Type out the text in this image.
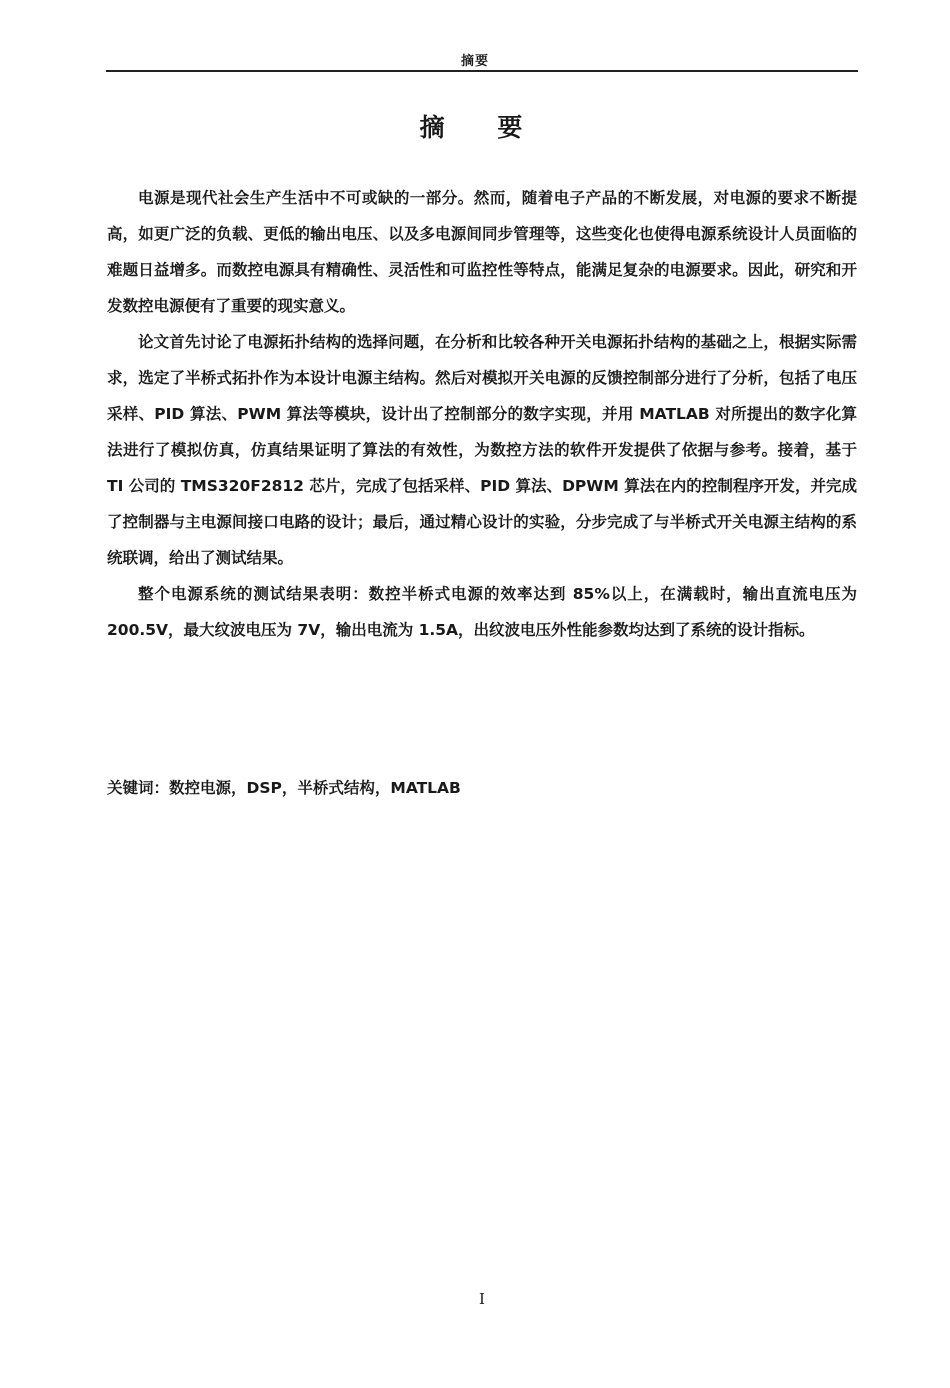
摘要
摘 要

电源是现代社会生产生活中不可或缺的一部分。然而，随着电子产品的不断发展，对电源的要求不断提高，如更广泛的负载、更低的输出电压、以及多电源间同步管理等，这些变化也使得电源系统设计人员面临的难题日益增多。而数控电源具有精确性、灵活性和可监控性等特点，能满足复杂的电源要求。因此，研究和开发数控电源便有了重要的现实意义。

论文首先讨论了电源拓扑结构的选择问题，在分析和比较各种开关电源拓扑结构的基础之上，根据实际需求，选定了半桥式拓扑作为本设计电源主结构。然后对模拟开关电源的反馈控制部分进行了分析，包括了电压采样、PID 算法、PWM 算法等模块，设计出了控制部分的数字实现，并用 MATLAB 对所提出的数字化算法进行了模拟仿真，仿真结果证明了算法的有效性，为数控方法的软件开发提供了依据与参考。接着，基于 TI 公司的 TMS320F2812 芯片，完成了包括采样、PID 算法、DPWM 算法在内的控制程序开发，并完成了控制器与主电源间接口电路的设计；最后，通过精心设计的实验，分步完成了与半桥式开关电源主结构的系统联调，给出了测试结果。

整个电源系统的测试结果表明：数控半桥式电源的效率达到 85%以上，在满载时，输出直流电压为 200.5V，最大纹波电压为 7V，输出电流为 1.5A，出纹波电压外性能参数均达到了系统的设计指标。

关键词：数控电源，DSP，半桥式结构，MATLAB
I
